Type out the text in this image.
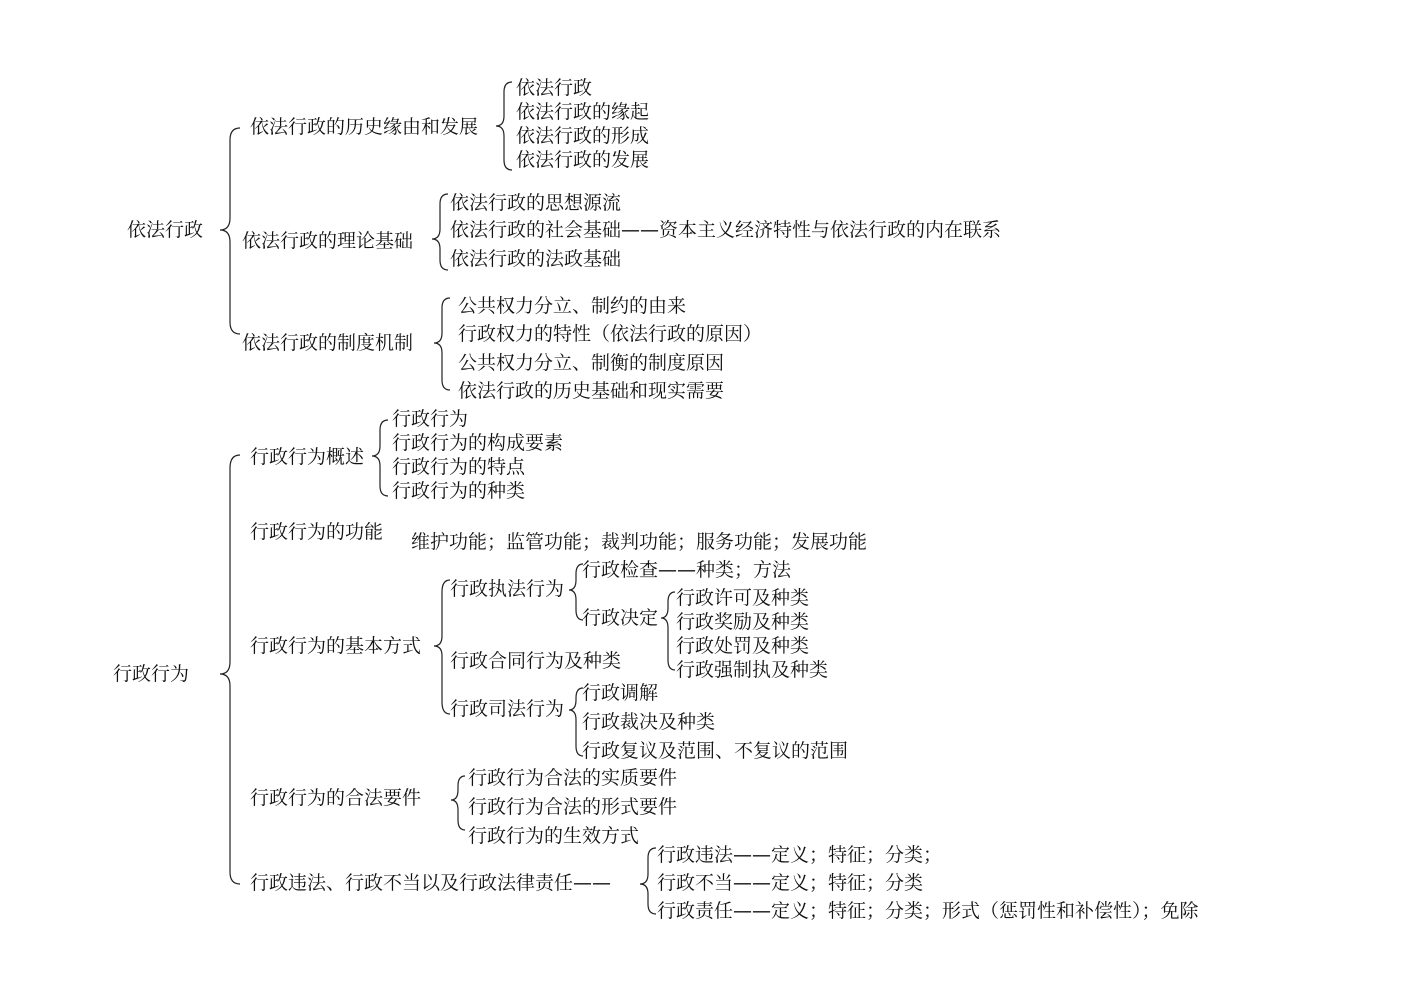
依法行政
依法行政的历史缘由和发展
依法行政
依法行政的缘起
依法行政的形成
依法行政的发展
依法行政的理论基础
依法行政的思想源流
依法行政的社会基础——资本主义经济特性与依法行政的内在联系
依法行政的法政基础
依法行政的制度机制
公共权力分立、制约的由来
行政权力的特性（依法行政的原因）
公共权力分立、制衡的制度原因
依法行政的历史基础和现实需要
行政行为
行政行为概述
行政行为
行政行为的构成要素
行政行为的特点
行政行为的种类
行政行为的功能 维护功能；监管功能；裁判功能；服务功能；发展功能
行政行为的基本方式
行政执法行为
行政检查——种类；方法
行政决定
行政许可及种类
行政奖励及种类
行政处罚及种类
行政强制执及种类
行政合同行为及种类
行政司法行为
行政调解
行政裁决及种类
行政复议及范围、不复议的范围
行政行为的合法要件
行政行为合法的实质要件
行政行为合法的形式要件
行政行为的生效方式
行政违法、行政不当以及行政法律责任——
行政违法——定义；特征；分类；
行政不当——定义；特征；分类
行政责任——定义；特征；分类；形式（惩罚性和补偿性）；免除
